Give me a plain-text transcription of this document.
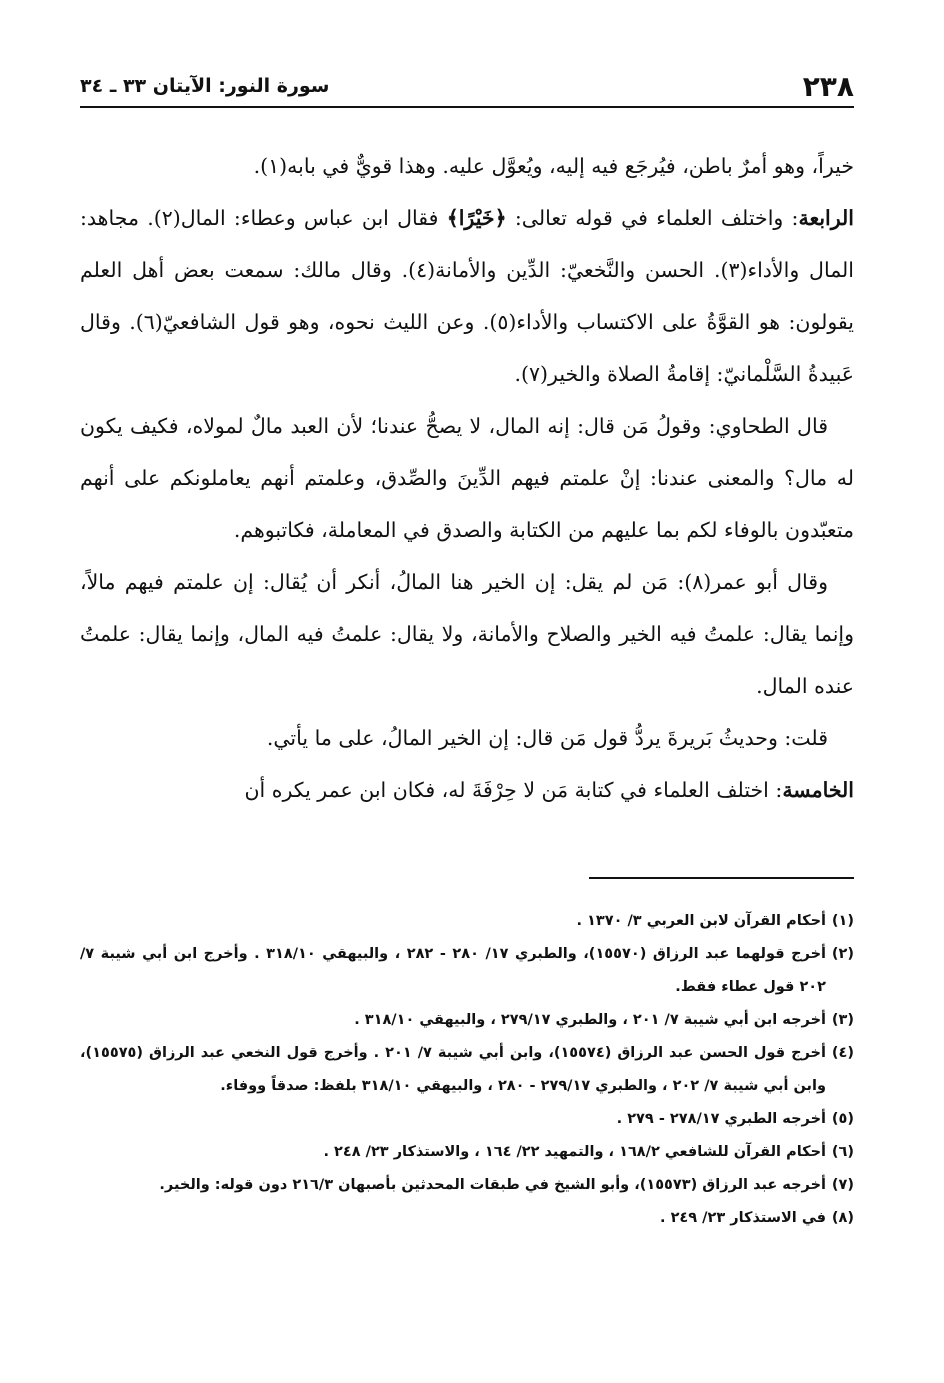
٢٣٨
سورة النور: الآيتان ٣٣ ـ ٣٤

خيراً، وهو أمرٌ باطن، فيُرجَع فيه إليه، ويُعوَّل عليه. وهذا قويٌّ في بابه(١).

الرابعة: واختلف العلماء في قوله تعالى: ﴿خَيْرًا﴾ فقال ابن عباس وعطاء: المال(٢). مجاهد: المال والأداء(٣). الحسن والنَّخعيّ: الدِّين والأمانة(٤). وقال مالك: سمعت بعض أهل العلم يقولون: هو القوَّةُ على الاكتساب والأداء(٥). وعن الليث نحوه، وهو قول الشافعيّ(٦). وقال عَبيدةُ السَّلْمانيّ: إقامةُ الصلاة والخير(٧).

قال الطحاوي: وقولُ مَن قال: إنه المال، لا يصحُّ عندنا؛ لأن العبد مالٌ لمولاه، فكيف يكون له مال؟ والمعنى عندنا: إنْ علمتم فيهم الدِّينَ والصِّدق، وعلمتم أنهم يعاملونكم على أنهم متعبّدون بالوفاء لكم بما عليهم من الكتابة والصدق في المعاملة، فكاتبوهم.

وقال أبو عمر(٨): مَن لم يقل: إن الخير هنا المالُ، أنكر أن يُقال: إن علمتم فيهم مالاً، وإنما يقال: علمتُ فيه الخير والصلاح والأمانة، ولا يقال: علمتُ فيه المال، وإنما يقال: علمتُ عنده المال.

قلت: وحديثُ بَريرةَ يردُّ قول مَن قال: إن الخير المالُ، على ما يأتي.

الخامسة: اختلف العلماء في كتابة مَن لا حِرْفَةَ له، فكان ابن عمر يكره أن

(١)أحكام القرآن لابن العربي ٣/ ١٣٧٠ .

(٢)أخرج قولهما عبد الرزاق (١٥٥٧٠)، والطبري ١٧/ ٢٨٠ - ٢٨٢ ، والبيهقي ٣١٨/١٠ . وأخرج ابن أبي شيبة ٧/ ٢٠٢ قول عطاء فقط.

(٣)أخرجه ابن أبي شيبة ٧/ ٢٠١ ، والطبري ٢٧٩/١٧ ، والبيهقي ٣١٨/١٠ .

(٤)أخرج قول الحسن عبد الرزاق (١٥٥٧٤)، وابن أبي شيبة ٧/ ٢٠١ . وأخرج قول النخعي عبد الرزاق (١٥٥٧٥)، وابن أبي شيبة ٧/ ٢٠٢ ، والطبري ٢٧٩/١٧ - ٢٨٠ ، والبيهقي ٣١٨/١٠ بلفظ: صدقاً ووفاء.

(٥)أخرجه الطبري ٢٧٨/١٧ - ٢٧٩ .

(٦)أحكام القرآن للشافعي ١٦٨/٢ ، والتمهيد ٢٢/ ١٦٤ ، والاستذكار ٢٣/ ٢٤٨ .

(٧)أخرجه عبد الرزاق (١٥٥٧٣)، وأبو الشيخ في طبقات المحدثين بأصبهان ٢١٦/٣ دون قوله: والخير.

(٨)في الاستذكار ٢٣/ ٢٤٩ .
